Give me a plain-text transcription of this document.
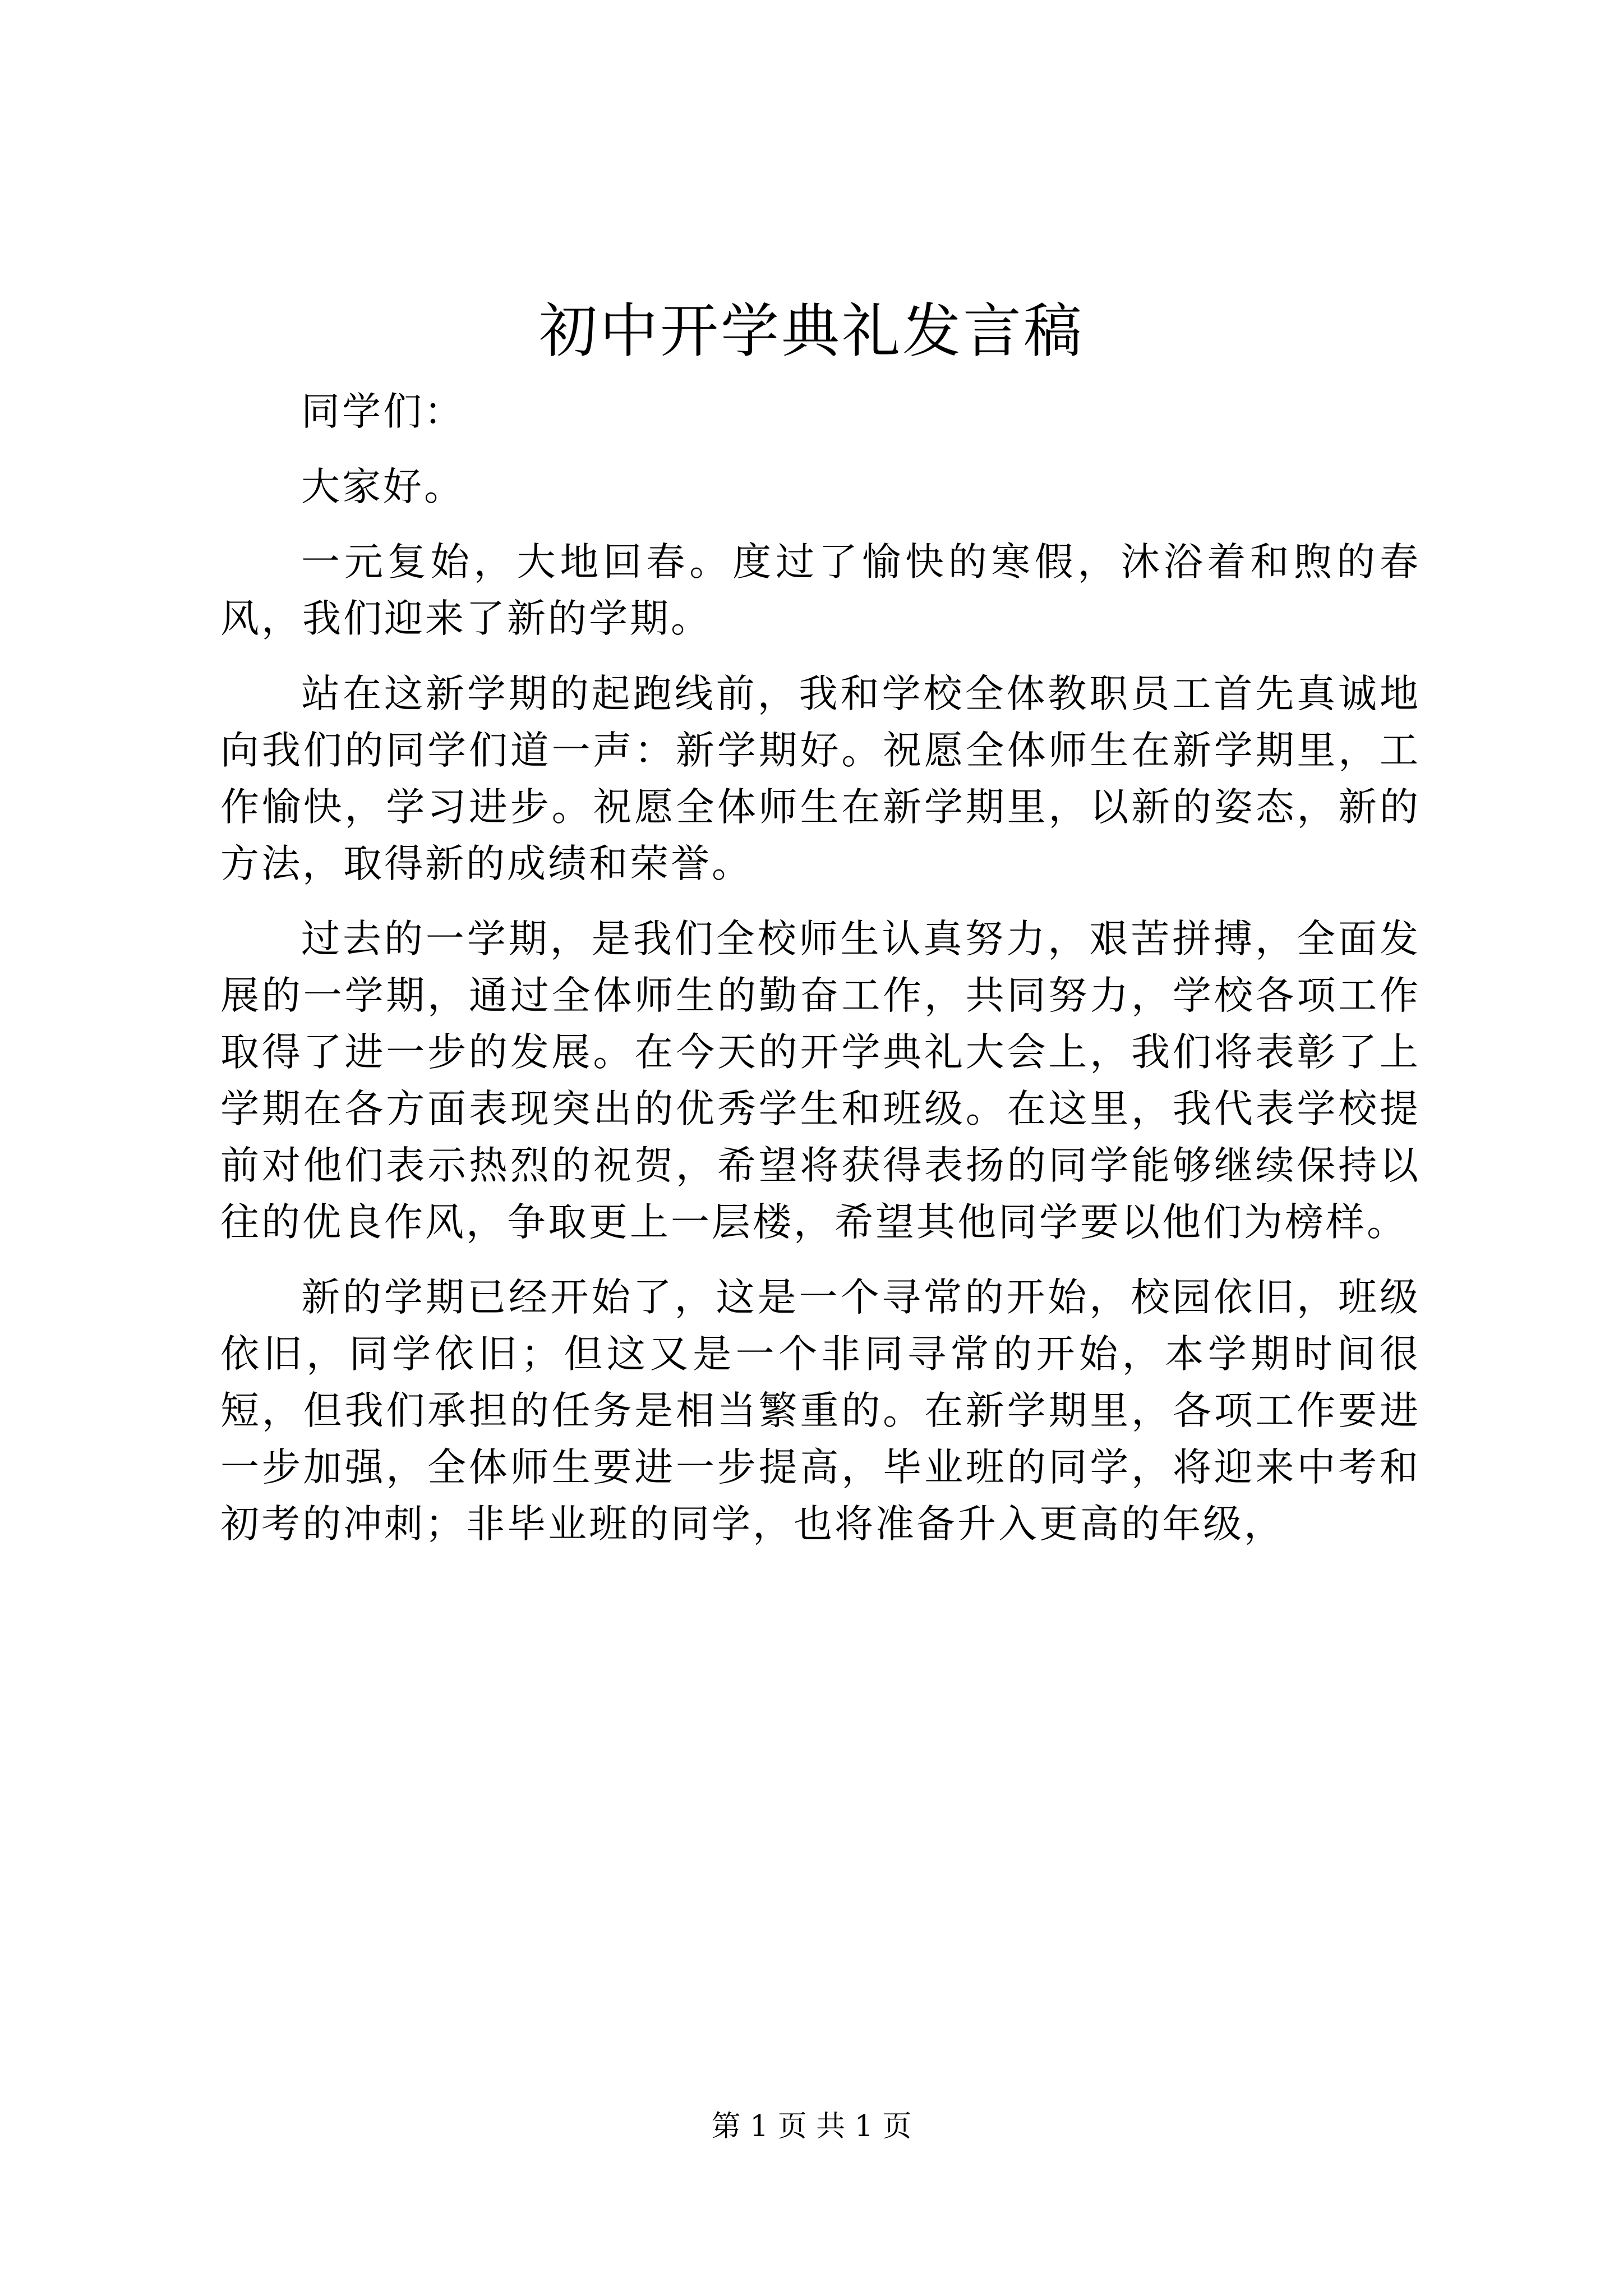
初中开学典礼发言稿

同学们：

大家好。

一元复始，大地回春。度过了愉快的寒假，沐浴着和煦的春风，我们迎来了新的学期。

站在这新学期的起跑线前，我和学校全体教职员工首先真诚地向我们的同学们道一声：新学期好。祝愿全体师生在新学期里，工作愉快，学习进步。祝愿全体师生在新学期里，以新的姿态，新的方法，取得新的成绩和荣誉。

过去的一学期，是我们全校师生认真努力，艰苦拼搏，全面发展的一学期，通过全体师生的勤奋工作，共同努力，学校各项工作取得了进一步的发展。在今天的开学典礼大会上，我们将表彰了上学期在各方面表现突出的优秀学生和班级。在这里，我代表学校提前对他们表示热烈的祝贺，希望将获得表扬的同学能够继续保持以往的优良作风，争取更上一层楼，希望其他同学要以他们为榜样。

新的学期已经开始了，这是一个寻常的开始，校园依旧，班级依旧，同学依旧；但这又是一个非同寻常的开始，本学期时间很短，但我们承担的任务是相当繁重的。在新学期里，各项工作要进一步加强，全体师生要进一步提高，毕业班的同学，将迎来中考和初考的冲刺；非毕业班的同学，也将准备升入更高的年级，

第 1 页 共 1 页
